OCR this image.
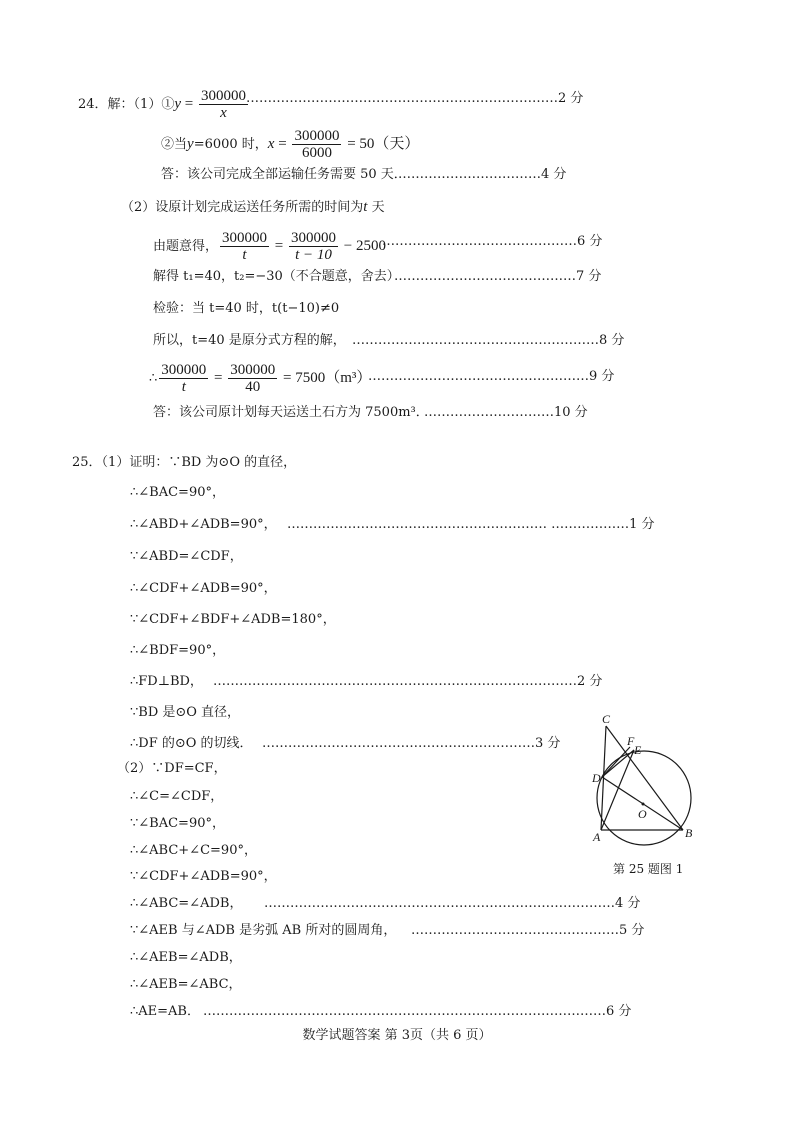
24．解：（1）①y = $\frac{300000}{x}$
………………………………………………………………2 分
②当y=6000 时，$x = \frac{300000}{6000} = 50$（天）
答：该公司完成全部运输任务需要 50 天．
……………………………4 分
（2）设原计划完成运送任务所需的时间为t 天
由题意得， $\frac{300000}{t} = \frac{300000}{t - 10} - 2500$
………………………………………6 分
解得 t₁=40，t₂=−30（不合题意，舍去）
……………………………………7 分
检验：当 t=40 时，t(t−10)≠0
所以，t=40 是原分式方程的解， …………………………………………………8 分
∴ $\frac{300000}{t} = \frac{300000}{40} = 7500(m^3)$
……………………………………………9 分
答：该公司原计划每天运送土石方为 7500m³．
…………………………10 分
25．（1）证明：∵BD 为⊙O 的直径，
∴∠BAC=90°，
∴∠ABD+∠ADB=90°， …………………………………………………… ………………1 分
∵∠ABD=∠CDF，
∴∠CDF+∠ADB=90°，
∵∠CDF+∠BDF+∠ADB=180°，
∴∠BDF=90°，
∴FD⊥BD， …………………………………………………………………………2 分
∵BD 是⊙O 直径，
∴DF 的⊙O 的切线． ………………………………………………………3 分
（2）∵DF=CF，
∴∠C=∠CDF，
∵∠BAC=90°，
∴∠ABC+∠C=90°，
∵∠CDF+∠ADB=90°，
∴∠ABC=∠ADB， ………………………………………………………………………4 分
∵∠AEB 与∠ADB 是劣弧 AB 所对的圆周角， …………………………………………5 分
∴∠AEB=∠ADB，
∴∠AEB=∠ABC，
∴AE=AB． …………………………………………………………………………………6 分
C
F
E
D
O
A	B
第 25 题图 1
数学试题答案 第 3页（共 6 页）
